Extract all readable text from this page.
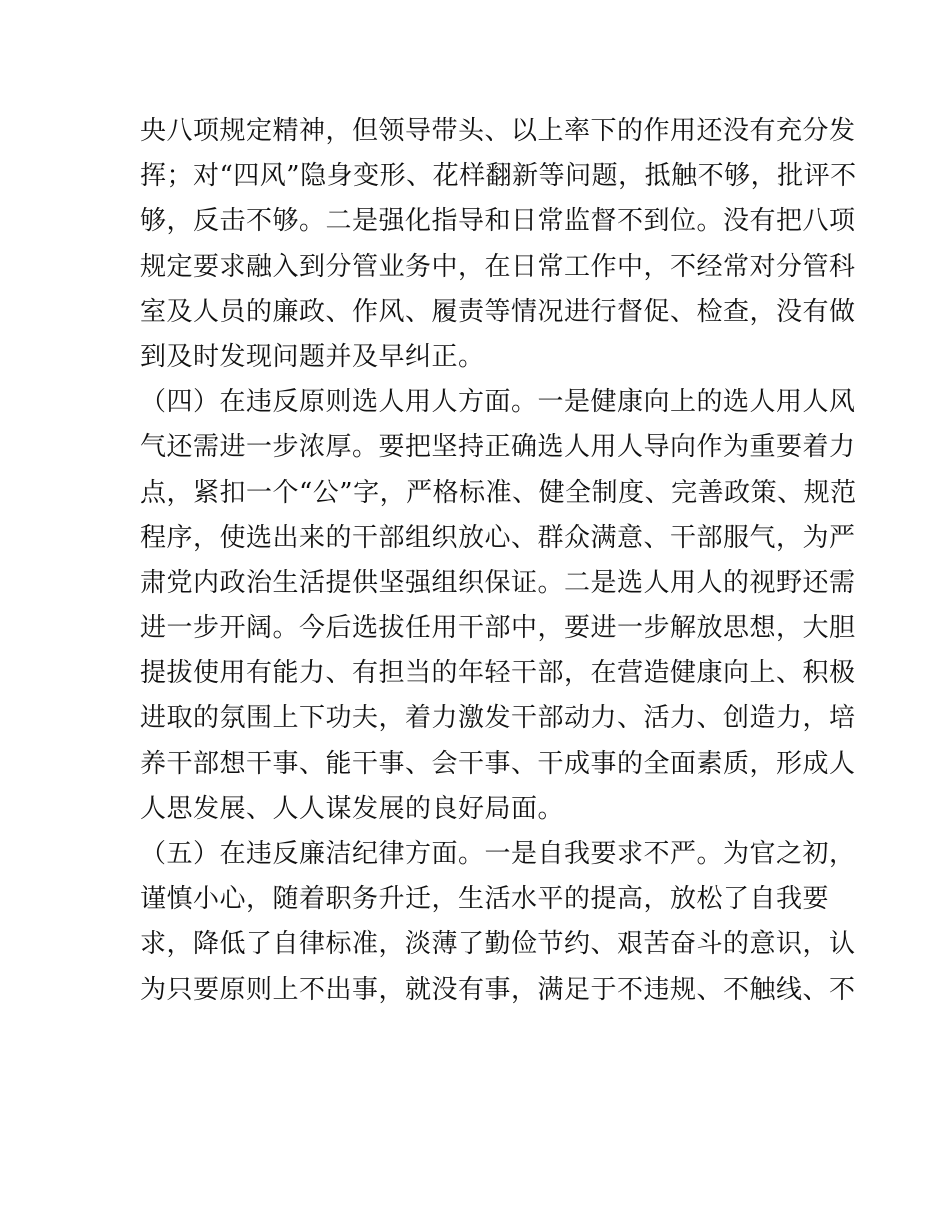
央八项规定精神，但领导带头、以上率下的作用还没有充分发
挥；对“四风”隐身变形、花样翻新等问题，抵触不够，批评不
够，反击不够。二是强化指导和日常监督不到位。没有把八项
规定要求融入到分管业务中，在日常工作中，不经常对分管科
室及人员的廉政、作风、履责等情况进行督促、检查，没有做
到及时发现问题并及早纠正。
（四）在违反原则选人用人方面。一是健康向上的选人用人风
气还需进一步浓厚。要把坚持正确选人用人导向作为重要着力
点，紧扣一个“公”字，严格标准、健全制度、完善政策、规范
程序，使选出来的干部组织放心、群众满意、干部服气，为严
肃党内政治生活提供坚强组织保证。二是选人用人的视野还需
进一步开阔。今后选拔任用干部中，要进一步解放思想，大胆
提拔使用有能力、有担当的年轻干部，在营造健康向上、积极
进取的氛围上下功夫，着力激发干部动力、活力、创造力，培
养干部想干事、能干事、会干事、干成事的全面素质，形成人
人思发展、人人谋发展的良好局面。
（五）在违反廉洁纪律方面。一是自我要求不严。为官之初，
谨慎小心，随着职务升迁，生活水平的提高，放松了自我要
求，降低了自律标准，淡薄了勤俭节约、艰苦奋斗的意识，认
为只要原则上不出事，就没有事，满足于不违规、不触线、不
